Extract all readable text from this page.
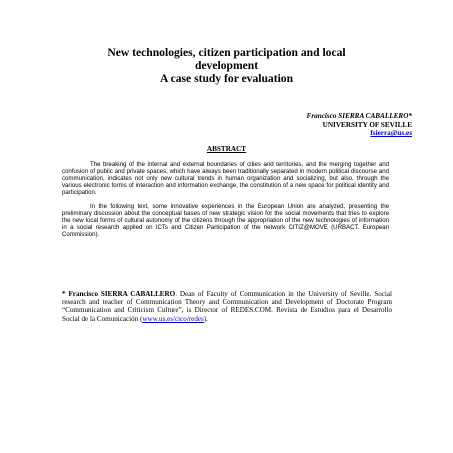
New technologies, citizen participation and local
development
A case study for evaluation
Francisco SIERRA CABALLERO*
UNIVERSITY OF SEVILLE
fsierra@us.es
ABSTRACT

The breaking of the internal and external boundaries of cities and territories, and the merging together and confusion of public and private spaces, which have always been traditionally separated in modern political discourse and communication, indicates not only new cultural trends in human organization and socializing, but also, through the various electronic forms of interaction and information exchange, the constitution of a new space for political identity and participation.

In the following text, some innovative experiences in the European Union are analyzed, presenting the preliminary discussion about the conceptual bases of new strategic vision for the social movements that tries to explore the new local forms of cultural autonomy of the citizens through the appropriation of the new technologies of information in a social research applied on ICTs and Citizen Participation of the network CITIZ@MOVE (URBACT. European Commission).

* Francisco SIERRA CABALLERO. Dean of Faculty of Communication in the University of Seville. Social research and teacher of Communication Theory and Communication and Development of Doctorate Program “Communication and Criticism Culture”, is Director of REDES.COM. Revista de Estudios para el Desarrollo Social de la Comunicación (www.us.es/cico/redes).
